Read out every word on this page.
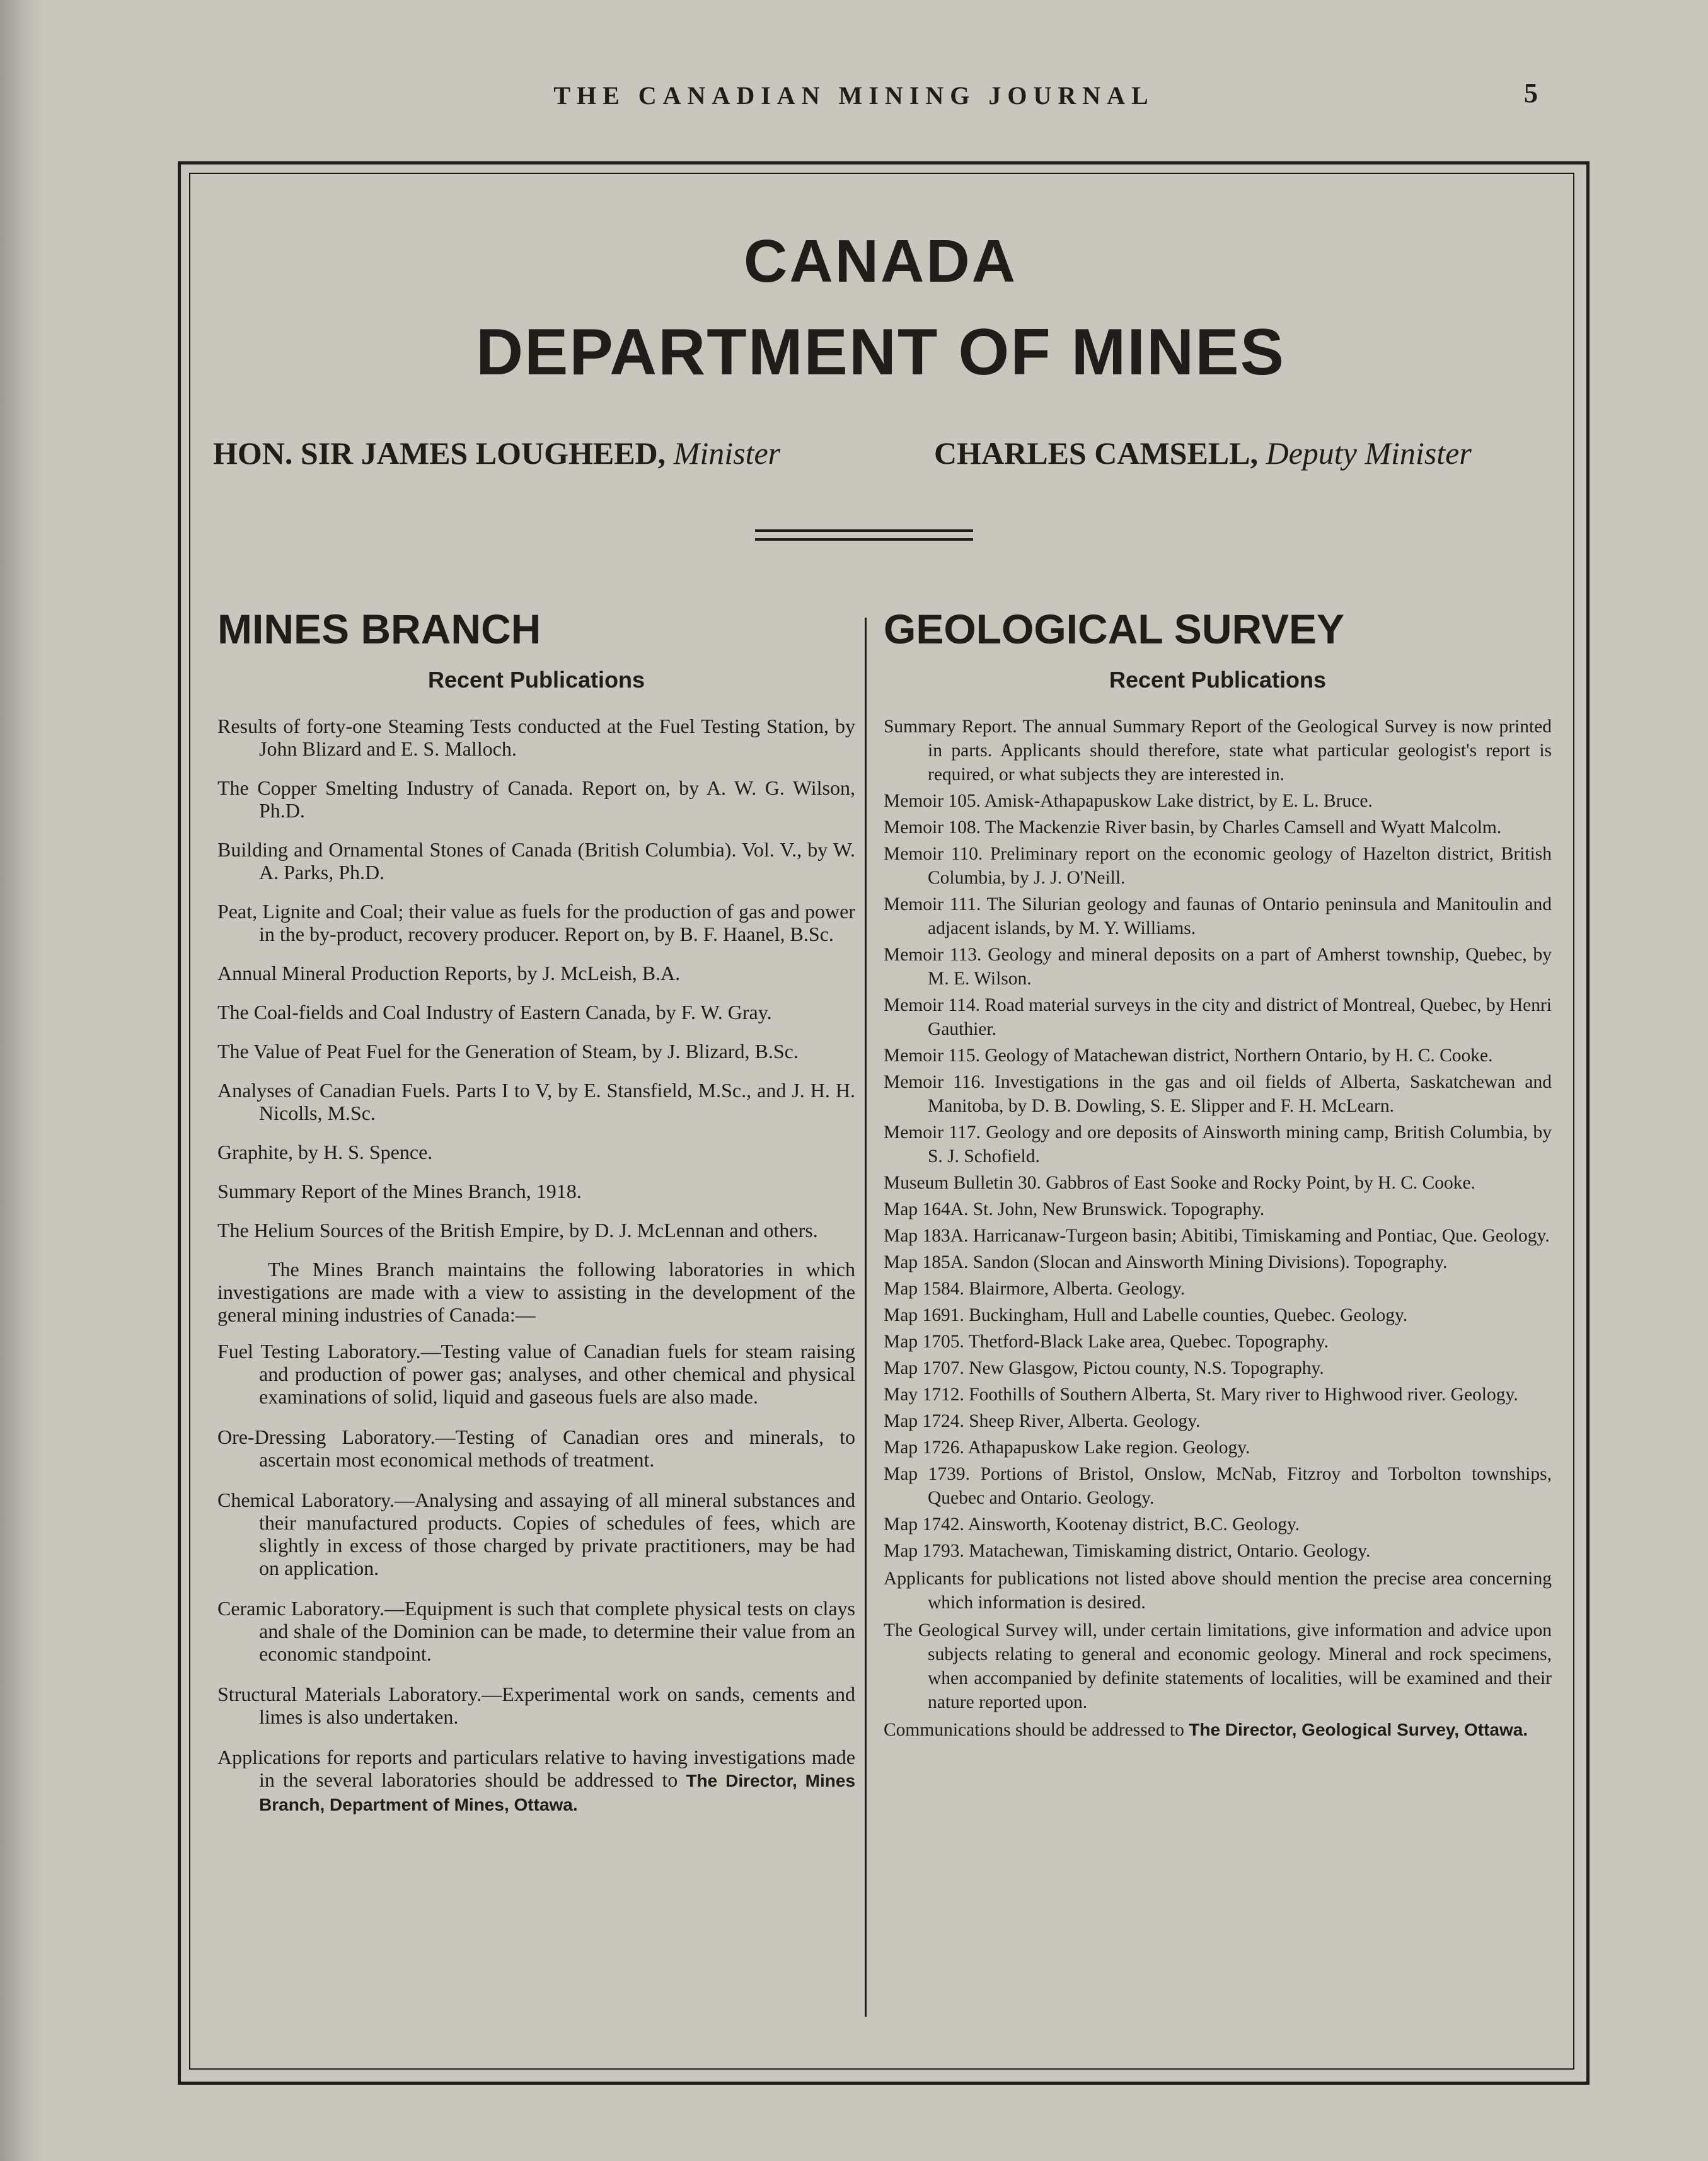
THE CANADIAN MINING JOURNAL	5
CANADA
DEPARTMENT OF MINES
HON. SIR JAMES LOUGHEED, Minister	CHARLES CAMSELL, Deputy Minister
MINES BRANCH
Recent Publications
Results of forty-one Steaming Tests conducted at the Fuel Testing Station, by John Blizard and E. S. Malloch.
The Copper Smelting Industry of Canada. Report on, by A. W. G. Wilson, Ph.D.
Building and Ornamental Stones of Canada (British Columbia). Vol. V., by W. A. Parks, Ph.D.
Peat, Lignite and Coal; their value as fuels for the production of gas and power in the by-product, recovery producer. Report on, by B. F. Haanel, B.Sc.
Annual Mineral Production Reports, by J. McLeish, B.A.
The Coal-fields and Coal Industry of Eastern Canada, by F. W. Gray.
The Value of Peat Fuel for the Generation of Steam, by J. Blizard, B.Sc.
Analyses of Canadian Fuels. Parts I to V, by E. Stansfield, M.Sc., and J. H. H. Nicolls, M.Sc.
Graphite, by H. S. Spence.
Summary Report of the Mines Branch, 1918.
The Helium Sources of the British Empire, by D. J. McLennan and others.

The Mines Branch maintains the following laboratories in which investigations are made with a view to assisting in the development of the general mining industries of Canada:—

Fuel Testing Laboratory.—Testing value of Canadian fuels for steam raising and production of power gas; analyses, and other chemical and physical examinations of solid, liquid and gaseous fuels are also made.
Ore-Dressing Laboratory.—Testing of Canadian ores and minerals, to ascertain most economical methods of treatment.
Chemical Laboratory.—Analysing and assaying of all mineral substances and their manufactured products. Copies of schedules of fees, which are slightly in excess of those charged by private practitioners, may be had on application.
Ceramic Laboratory.—Equipment is such that complete physical tests on clays and shale of the Dominion can be made, to determine their value from an economic standpoint.
Structural Materials Laboratory.—Experimental work on sands, cements and limes is also undertaken.

Applications for reports and particulars relative to having investigations made in the several laboratories should be addressed to The Director, Mines Branch, Department of Mines, Ottawa.

GEOLOGICAL SURVEY
Recent Publications
Summary Report. The annual Summary Report of the Geological Survey is now printed in parts. Applicants should therefore, state what particular geologist's report is required, or what subjects they are interested in.
Memoir 105. Amisk-Athapapuskow Lake district, by E. L. Bruce.
Memoir 108. The Mackenzie River basin, by Charles Camsell and Wyatt Malcolm.
Memoir 110. Preliminary report on the economic geology of Hazelton district, British Columbia, by J. J. O'Neill.
Memoir 111. The Silurian geology and faunas of Ontario peninsula and Manitoulin and adjacent islands, by M. Y. Williams.
Memoir 113. Geology and mineral deposits on a part of Amherst township, Quebec, by M. E. Wilson.
Memoir 114. Road material surveys in the city and district of Montreal, Quebec, by Henri Gauthier.
Memoir 115. Geology of Matachewan district, Northern Ontario, by H. C. Cooke.
Memoir 116. Investigations in the gas and oil fields of Alberta, Saskatchewan and Manitoba, by D. B. Dowling, S. E. Slipper and F. H. McLearn.
Memoir 117. Geology and ore deposits of Ainsworth mining camp, British Columbia, by S. J. Schofield.
Museum Bulletin 30. Gabbros of East Sooke and Rocky Point, by H. C. Cooke.
Map 164A. St. John, New Brunswick. Topography.
Map 183A. Harricanaw-Turgeon basin; Abitibi, Timiskaming and Pontiac, Que. Geology.
Map 185A. Sandon (Slocan and Ainsworth Mining Divisions). Topography.
Map 1584. Blairmore, Alberta. Geology.
Map 1691. Buckingham, Hull and Labelle counties, Quebec. Geology.
Map 1705. Thetford-Black Lake area, Quebec. Topography.
Map 1707. New Glasgow, Pictou county, N.S. Topography.
May 1712. Foothills of Southern Alberta, St. Mary river to Highwood river. Geology.
Map 1724. Sheep River, Alberta. Geology.
Map 1726. Athapapuskow Lake region. Geology.
Map 1739. Portions of Bristol, Onslow, McNab, Fitzroy and Torbolton townships, Quebec and Ontario. Geology.
Map 1742. Ainsworth, Kootenay district, B.C. Geology.
Map 1793. Matachewan, Timiskaming district, Ontario. Geology.

Applicants for publications not listed above should mention the precise area concerning which information is desired.

The Geological Survey will, under certain limitations, give information and advice upon subjects relating to general and economic geology. Mineral and rock specimens, when accompanied by definite statements of localities, will be examined and their nature reported upon.

Communications should be addressed to The Director, Geological Survey, Ottawa.
